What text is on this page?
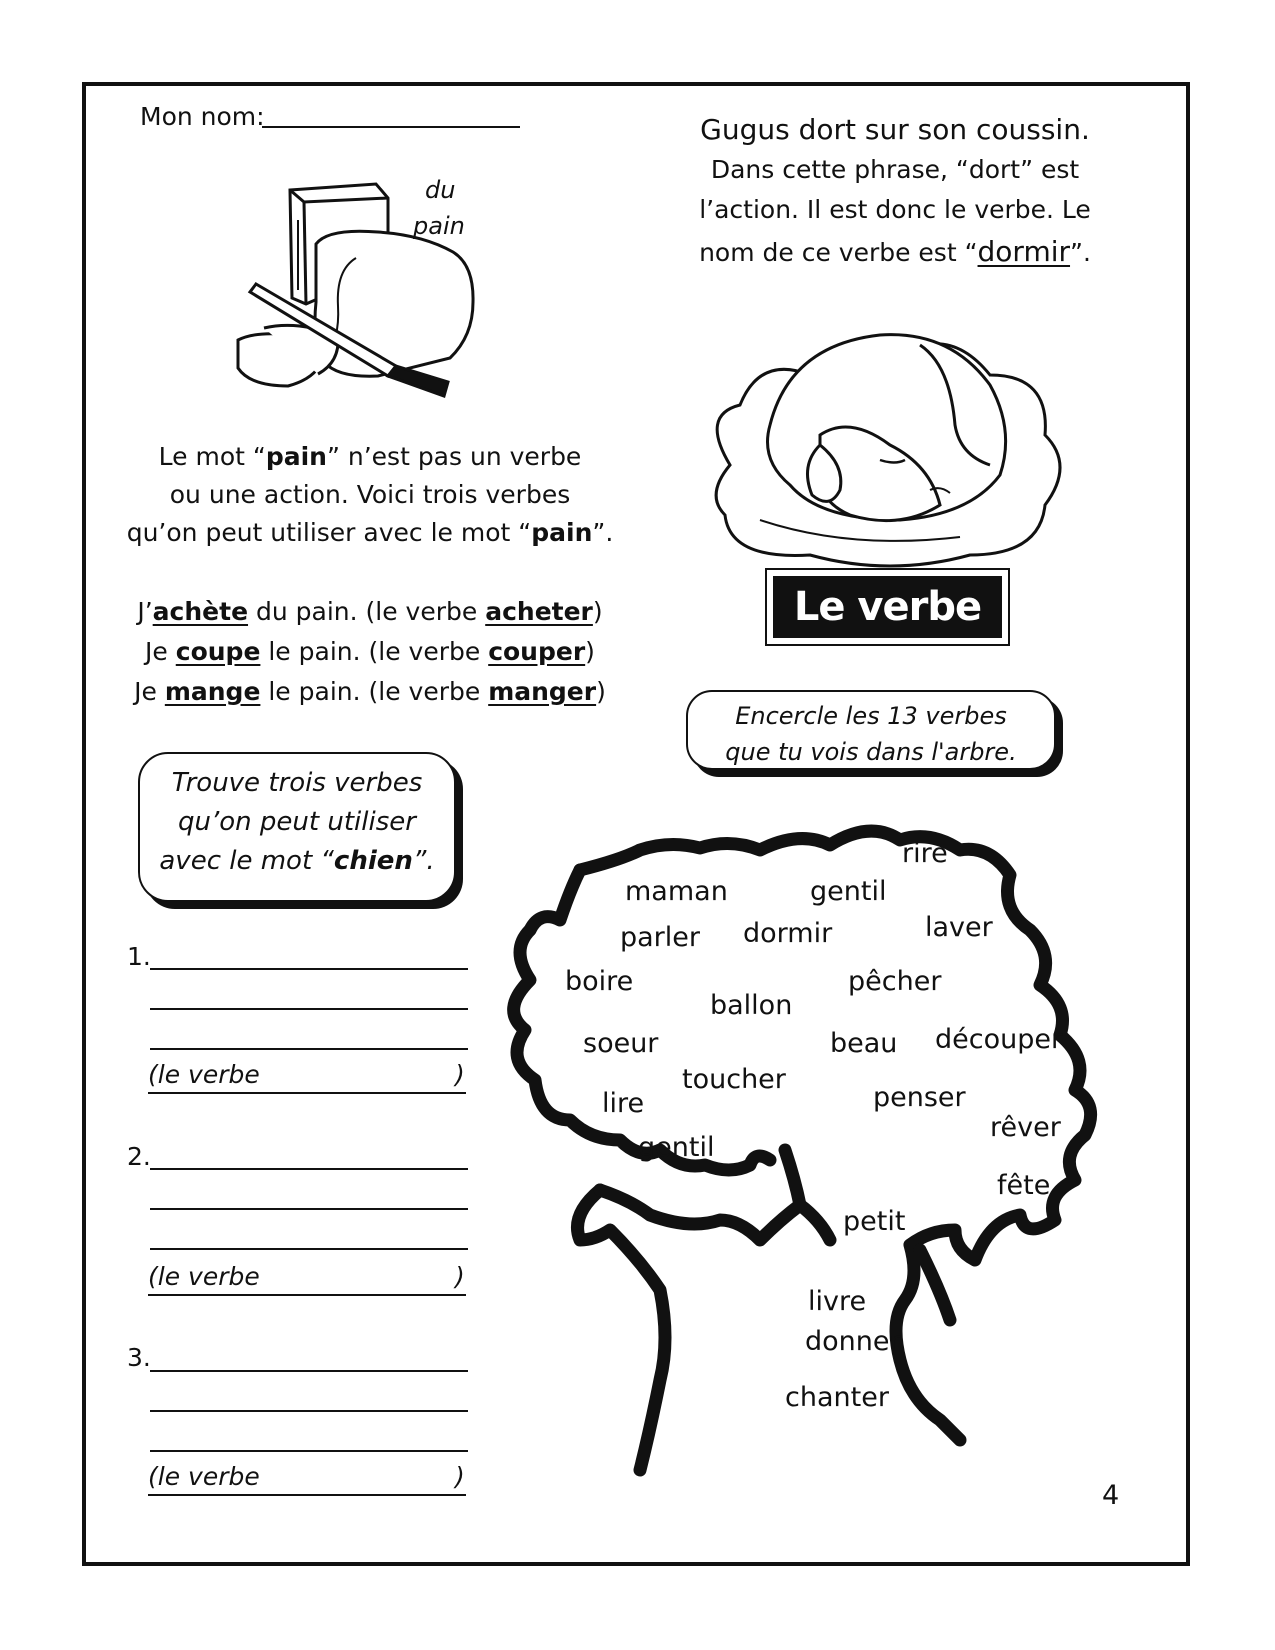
Mon nom:
du
pain
Le mot “pain” n’est pas un verbe
ou une action. Voici trois verbes
qu’on peut utiliser avec le mot “pain”.
J’achète du pain. (le verbe acheter)
Je coupe le pain. (le verbe couper)
Je mange le pain. (le verbe manger)
Gugus dort sur son coussin.
Dans cette phrase, “dort” est
l’action. Il est donc le verbe. Le
nom de ce verbe est “dormir”.
Le verbe
Encercle les 13 verbes
que tu vois dans l'arbre.
Trouve trois verbes
qu’on peut utiliser
avec le mot “chien”.
1.
(le verbe	)
2.
(le verbe	)
3.
(le verbe	)
rire
maman	gentil
parler dormir	laver
boire	pêcher
ballon
soeur	beau découper
toucher
lire	penser
rêver
gentil
fête
petit
livre
donner
chanter
4
